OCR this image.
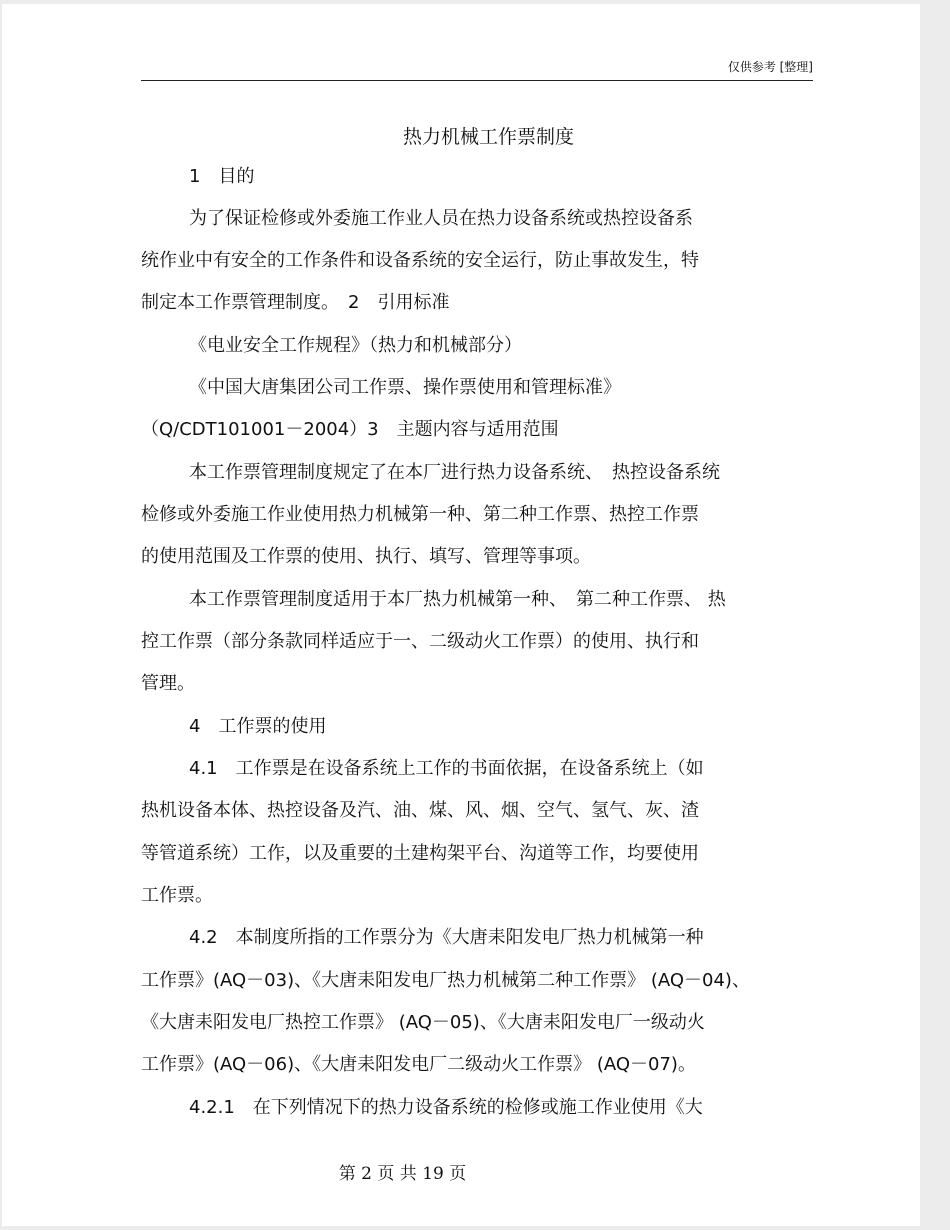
仅供参考 [整理]
热力机械工作票制度
1　目的
为了保证检修或外委施工作业人员在热力设备系统或热控设备系
统作业中有安全的工作条件和设备系统的安全运行，防止事故发生，特
制定本工作票管理制度。　2　引用标准
《电业安全工作规程》（热力和机械部分）
《中国大唐集团公司工作票、操作票使用和管理标准》
（Q/CDT101001－2004）3　主题内容与适用范围
本工作票管理制度规定了在本厂进行热力设备系统、　热控设备系统
检修或外委施工作业使用热力机械第一种、第二种工作票、热控工作票
的使用范围及工作票的使用、执行、填写、管理等事项。
本工作票管理制度适用于本厂热力机械第一种、　第二种工作票、 热
控工作票（部分条款同样适应于一、二级动火工作票）的使用、执行和
管理。
4　工作票的使用
4.1　工作票是在设备系统上工作的书面依据，在设备系统上（如
热机设备本体、热控设备及汽、油、煤、风、烟、空气、氢气、灰、渣
等管道系统）工作，以及重要的土建构架平台、沟道等工作，均要使用
工作票。
4.2　本制度所指的工作票分为《大唐耒阳发电厂热力机械第一种
工作票》(AQ－03)、《大唐耒阳发电厂热力机械第二种工作票》 (AQ－04)、
《大唐耒阳发电厂热控工作票》 (AQ－05)、《大唐耒阳发电厂一级动火
工作票》(AQ－06)、《大唐耒阳发电厂二级动火工作票》 (AQ－07)。
4.2.1　在下列情况下的热力设备系统的检修或施工作业使用《大
第 2 页 共 19 页
